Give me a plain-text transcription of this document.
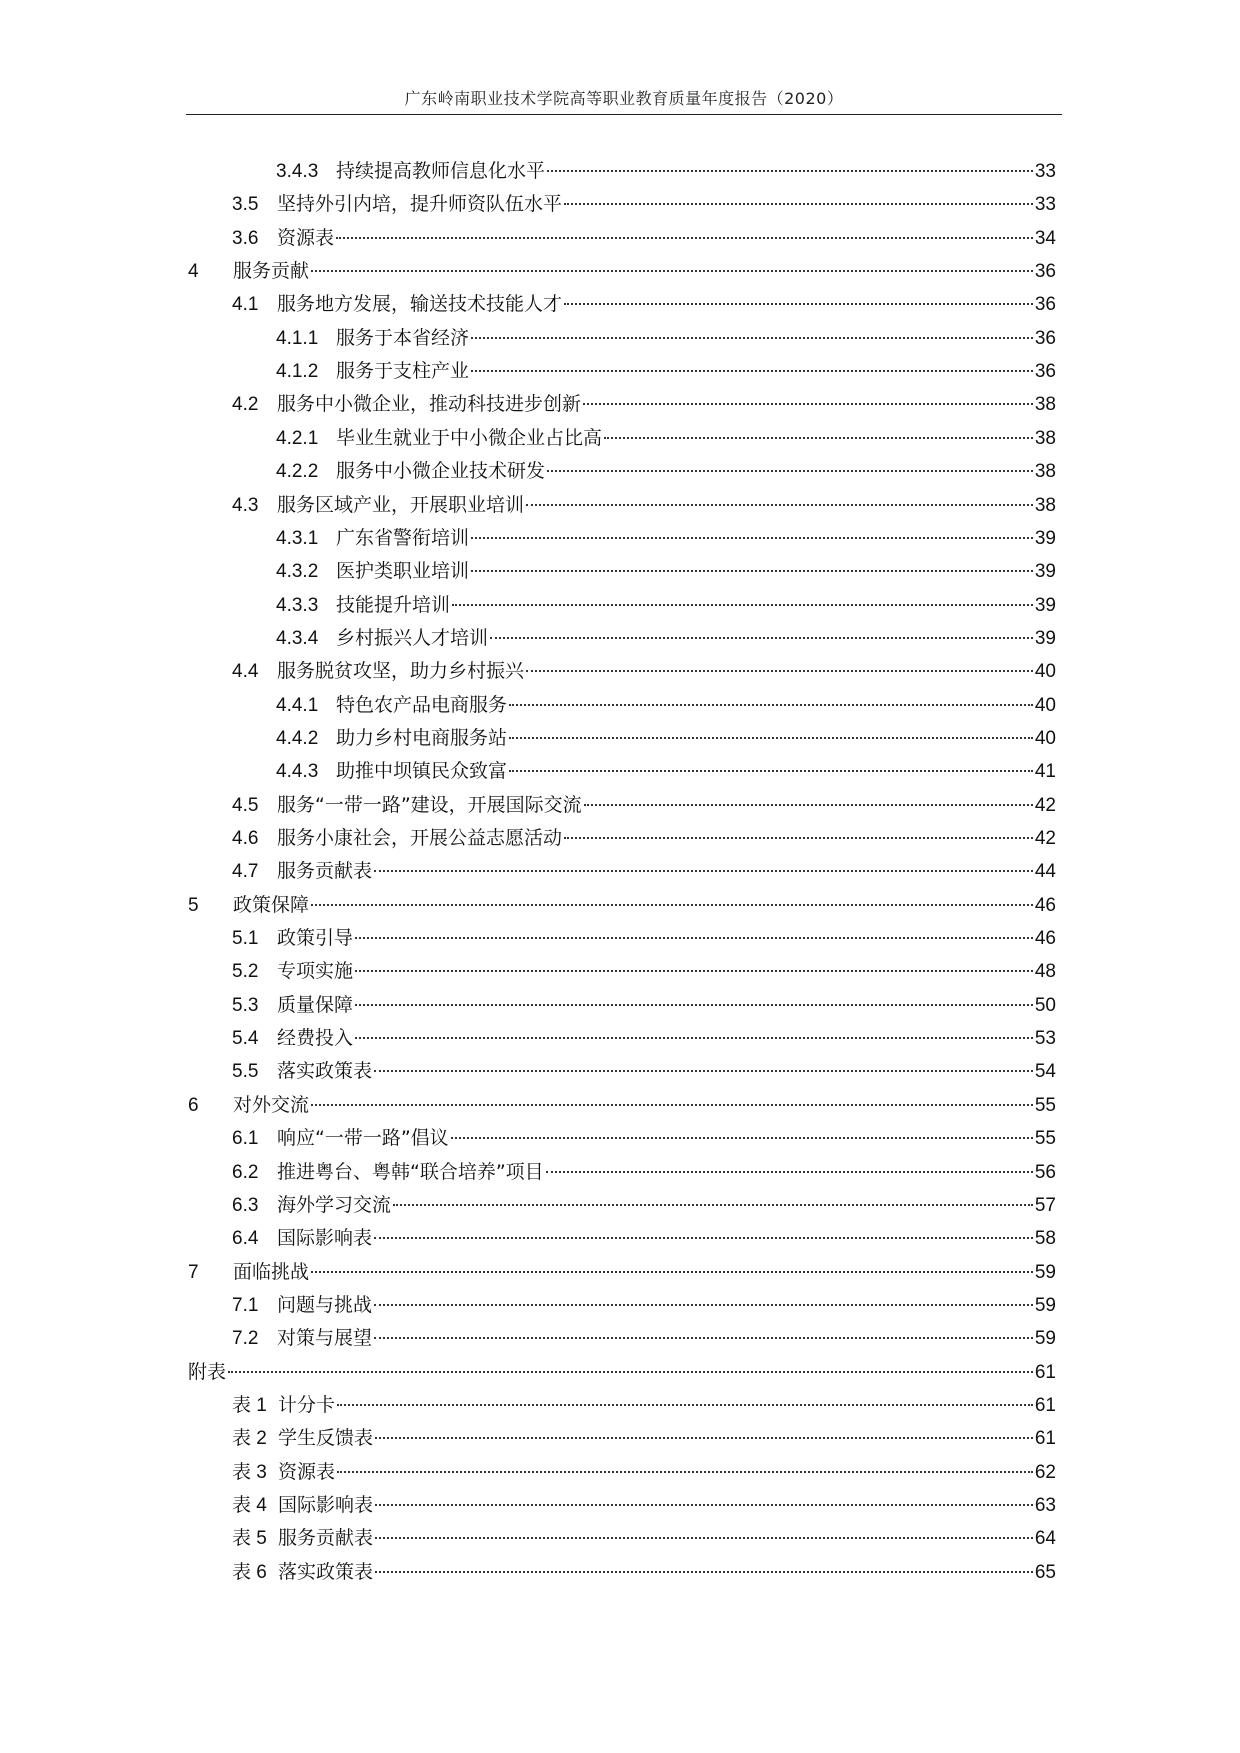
广东岭南职业技术学院高等职业教育质量年度报告（2020）
3.4.3 持续提高教师信息化水平	33
3.5 坚持外引内培，提升师资队伍水平	33
3.6 资源表	34
4	服务贡献	36
4.1 服务地方发展，输送技术技能人才	36
4.1.1 服务于本省经济	36
4.1.2 服务于支柱产业	36
4.2 服务中小微企业，推动科技进步创新	38
4.2.1 毕业生就业于中小微企业占比高	38
4.2.2 服务中小微企业技术研发	38
4.3 服务区域产业，开展职业培训	38
4.3.1 广东省警衔培训	39
4.3.2 医护类职业培训	39
4.3.3 技能提升培训	39
4.3.4 乡村振兴人才培训	39
4.4 服务脱贫攻坚，助力乡村振兴	40
4.4.1 特色农产品电商服务	40
4.4.2 助力乡村电商服务站	40
4.4.3 助推中坝镇民众致富	41
4.5 服务“一带一路”建设，开展国际交流	42
4.6 服务小康社会，开展公益志愿活动	42
4.7 服务贡献表	44
5	政策保障	46
5.1 政策引导	46
5.2 专项实施	48
5.3 质量保障	50
5.4 经费投入	53
5.5 落实政策表	54
6	对外交流	55
6.1 响应“一带一路”倡议	55
6.2 推进粤台、粤韩“联合培养”项目	56
6.3 海外学习交流	57
6.4 国际影响表	58
7	面临挑战	59
7.1 问题与挑战	59
7.2 对策与展望	59
附表	61
表 1 计分卡	61
表 2 学生反馈表	61
表 3 资源表	62
表 4 国际影响表	63
表 5 服务贡献表	64
表 6 落实政策表	65
